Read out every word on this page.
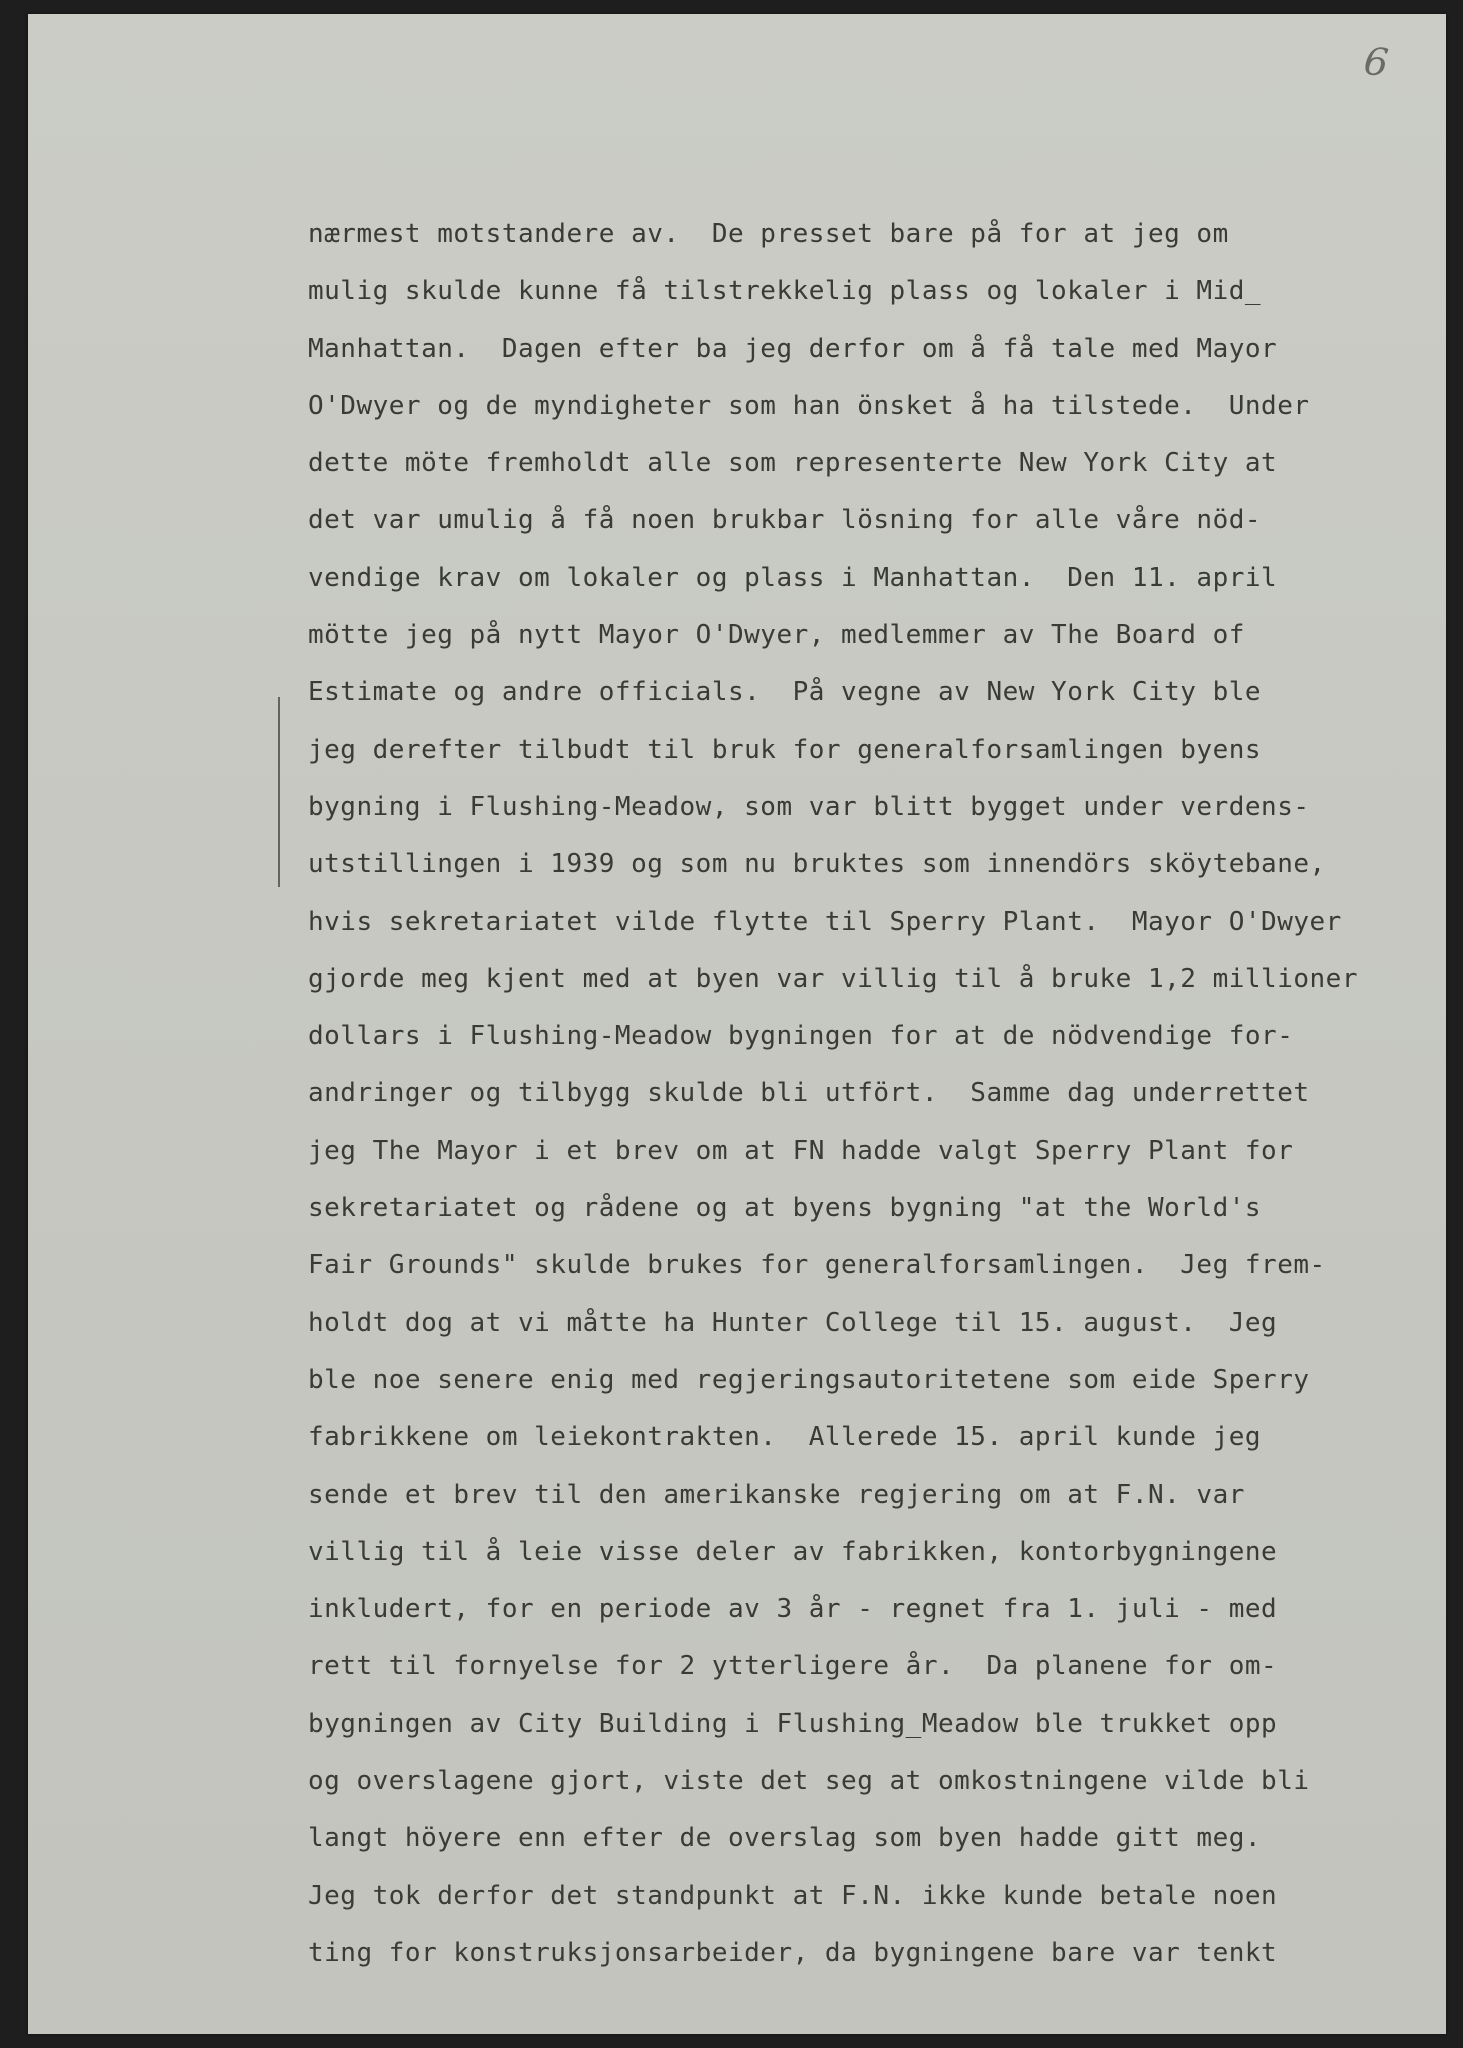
6
nærmest motstandere av.  De presset bare på for at jeg om
mulig skulde kunne få tilstrekkelig plass og lokaler i Mid_
Manhattan.  Dagen efter ba jeg derfor om å få tale med Mayor
O'Dwyer og de myndigheter som han önsket å ha tilstede.  Under
dette möte fremholdt alle som representerte New York City at
det var umulig å få noen brukbar lösning for alle våre nöd-
vendige krav om lokaler og plass i Manhattan.  Den 11. april
mötte jeg på nytt Mayor O'Dwyer, medlemmer av The Board of
Estimate og andre officials.  På vegne av New York City ble
jeg derefter tilbudt til bruk for generalforsamlingen byens
bygning i Flushing-Meadow, som var blitt bygget under verdens-
utstillingen i 1939 og som nu bruktes som innendörs sköytebane,
hvis sekretariatet vilde flytte til Sperry Plant.  Mayor O'Dwyer
gjorde meg kjent med at byen var villig til å bruke 1,2 millioner
dollars i Flushing-Meadow bygningen for at de nödvendige for-
andringer og tilbygg skulde bli utfört.  Samme dag underrettet
jeg The Mayor i et brev om at FN hadde valgt Sperry Plant for
sekretariatet og rådene og at byens bygning "at the World's
Fair Grounds" skulde brukes for generalforsamlingen.  Jeg frem-
holdt dog at vi måtte ha Hunter College til 15. august.  Jeg
ble noe senere enig med regjeringsautoritetene som eide Sperry
fabrikkene om leiekontrakten.  Allerede 15. april kunde jeg
sende et brev til den amerikanske regjering om at F.N. var
villig til å leie visse deler av fabrikken, kontorbygningene
inkludert, for en periode av 3 år - regnet fra 1. juli - med
rett til fornyelse for 2 ytterligere år.  Da planene for om-
bygningen av City Building i Flushing_Meadow ble trukket opp
og overslagene gjort, viste det seg at omkostningene vilde bli
langt höyere enn efter de overslag som byen hadde gitt meg.
Jeg tok derfor det standpunkt at F.N. ikke kunde betale noen
ting for konstruksjonsarbeider, da bygningene bare var tenkt
